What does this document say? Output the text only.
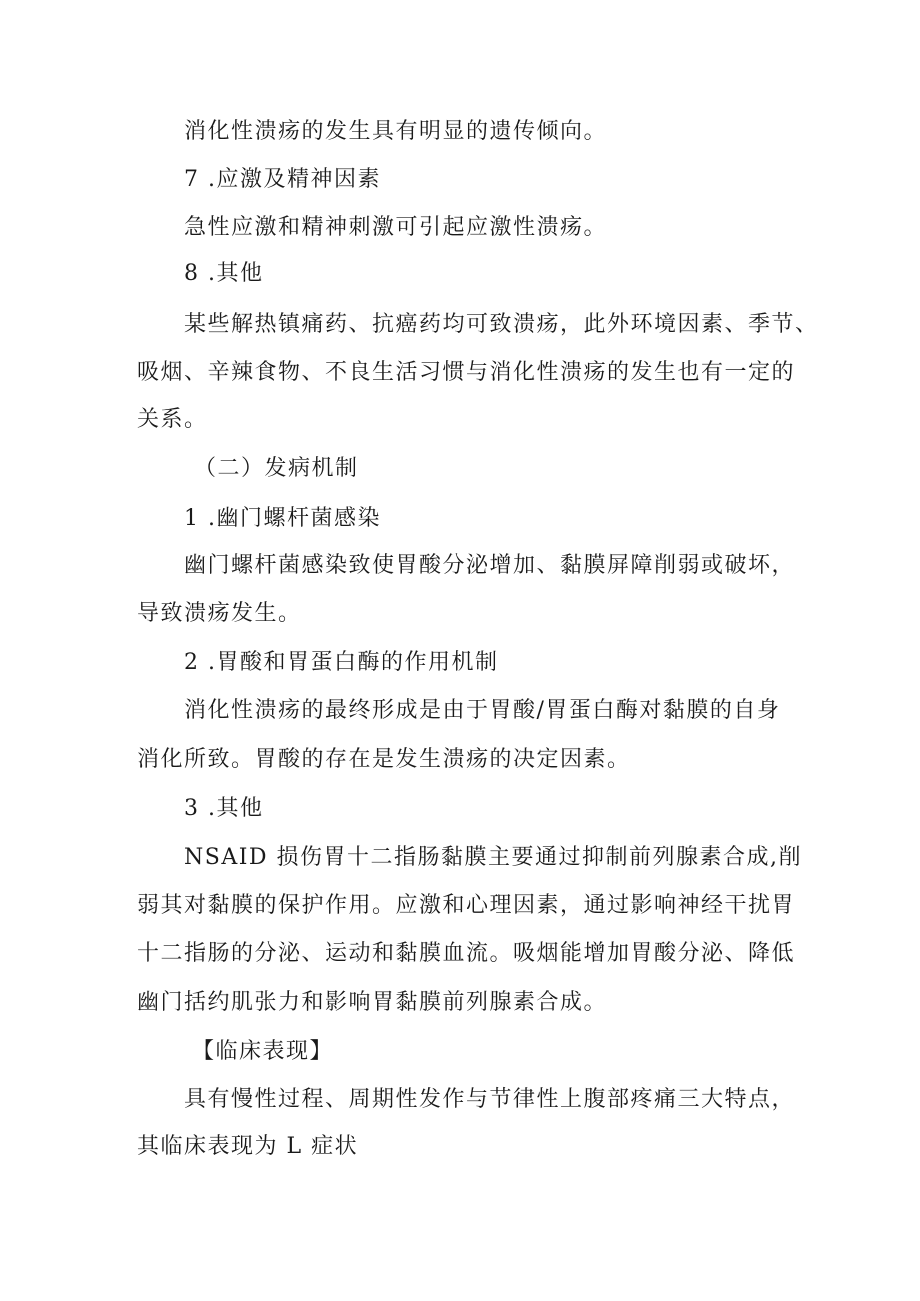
消化性溃疡的发生具有明显的遗传倾向。
7 .应激及精神因素
急性应激和精神刺激可引起应激性溃疡。
8 .其他
某些解热镇痛药、抗癌药均可致溃疡，此外环境因素、季节、
吸烟、辛辣食物、不良生活习惯与消化性溃疡的发生也有一定的
关系。
（二）发病机制
1 .幽门螺杆菌感染
幽门螺杆菌感染致使胃酸分泌增加、黏膜屏障削弱或破坏，
导致溃疡发生。
2 .胃酸和胃蛋白酶的作用机制
消化性溃疡的最终形成是由于胃酸/胃蛋白酶对黏膜的自身
消化所致。胃酸的存在是发生溃疡的决定因素。
3 .其他
NSAID 损伤胃十二指肠黏膜主要通过抑制前列腺素合成,削
弱其对黏膜的保护作用。应激和心理因素，通过影响神经干扰胃
十二指肠的分泌、运动和黏膜血流。吸烟能增加胃酸分泌、降低
幽门括约肌张力和影响胃黏膜前列腺素合成。
【临床表现】
具有慢性过程、周期性发作与节律性上腹部疼痛三大特点，
其临床表现为 L 症状
